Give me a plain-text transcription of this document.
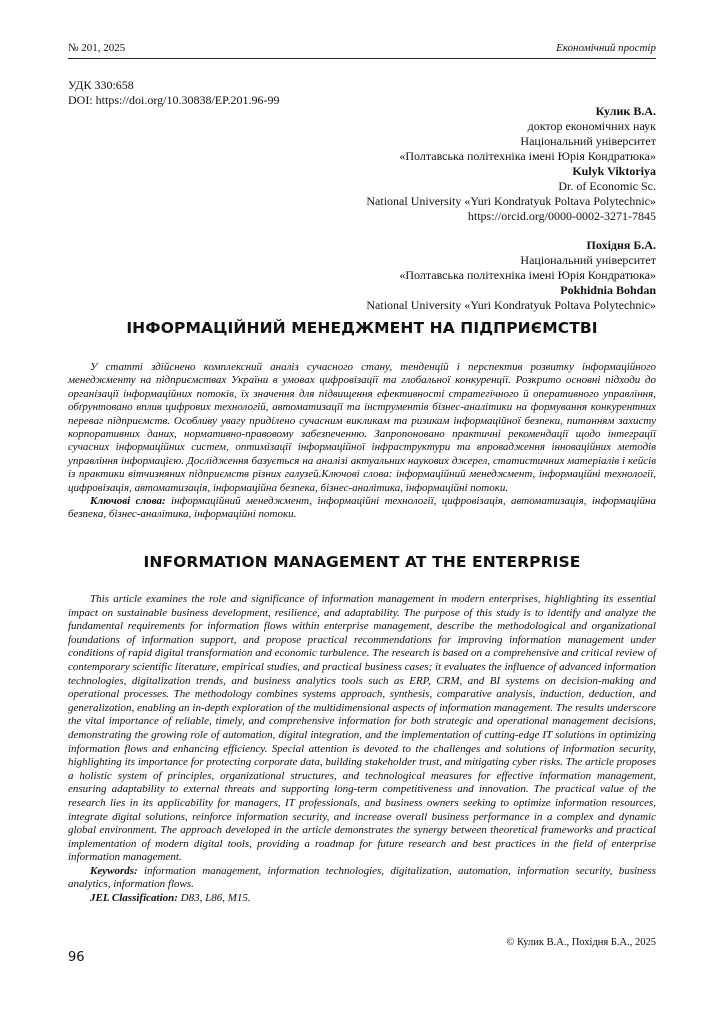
№ 201, 2025	Економічний простір
УДК 330:658
DOI: https://doi.org/10.30838/EP.201.96-99
Кулик В.А.
доктор економічних наук
Національний університет
«Полтавська політехніка імені Юрія Кондратюка»
Kulyk Viktoriya
Dr. of Economic Sc.
National University «Yuri Kondratyuk Poltava Polytechnic»
https://orcid.org/0000-0002-3271-7845
Похідня Б.А.
Національний університет
«Полтавська політехніка імені Юрія Кондратюка»
Pokhidnia Bohdan
National University «Yuri Kondratyuk Poltava Polytechnic»
ІНФОРМАЦІЙНИЙ МЕНЕДЖМЕНТ НА ПІДПРИЄМСТВІ

У статті здійснено комплексний аналіз сучасного стану, тенденцій і перспектив розвитку інформаційного менеджменту на підприємствах України в умовах цифровізації та глобальної конкуренції. Розкрито основні підходи до організації інформаційних потоків, їх значення для підвищення ефективності стратегічного й оперативного управління, обґрунтовано вплив цифрових технологій, автоматизації та інструментів бізнес-аналітики на формування конкурентних переваг підприємств. Особливу увагу приділено сучасним викликам та ризикам інформаційної безпеки, питанням захисту корпоративних даних, нормативно-правовому забезпеченню. Запропоновано практичні рекомендації щодо інтеграції сучасних інформаційних систем, оптимізації інформаційної інфраструктури та впровадження інноваційних методів управління інформацією. Дослідження базується на аналізі актуальних наукових джерел, статистичних матеріалів і кейсів із практики вітчизняних підприємств різних галузей.Ключові слова: інформаційний менеджмент, інформаційні технології, цифровізація, автоматизація, інформаційна безпека, бізнес-аналітика, інформаційні потоки.

Ключові слова: інформаційний менеджмент, інформаційні технології, цифровізація, автоматизація, інформаційна безпека, бізнес-аналітика, інформаційні потоки.

INFORMATION MANAGEMENT AT THE ENTERPRISE

This article examines the role and significance of information management in modern enterprises, highlighting its essential impact on sustainable business development, resilience, and adaptability. The purpose of this study is to identify and analyze the fundamental requirements for information flows within enterprise management, describe the methodological and organizational foundations of information support, and propose practical recommendations for improving information management under conditions of rapid digital transformation and economic turbulence. The research is based on a comprehensive and critical review of contemporary scientific literature, empirical studies, and practical business cases; it evaluates the influence of advanced information technologies, digitalization trends, and business analytics tools such as ERP, CRM, and BI systems on decision-making and operational processes. The methodology combines systems approach, synthesis, comparative analysis, induction, deduction, and generalization, enabling an in-depth exploration of the multidimensional aspects of information management. The results underscore the vital importance of reliable, timely, and comprehensive information for both strategic and operational management decisions, demonstrating the growing role of automation, digital integration, and the implementation of cutting-edge IT solutions in optimizing information flows and enhancing efficiency. Special attention is devoted to the challenges and solutions of information security, highlighting its importance for protecting corporate data, building stakeholder trust, and mitigating cyber risks. The article proposes a holistic system of principles, organizational structures, and technological measures for effective information management, ensuring adaptability to external threats and supporting long-term competitiveness and innovation. The practical value of the research lies in its applicability for managers, IT professionals, and business owners seeking to optimize information resources, integrate digital solutions, reinforce information security, and increase overall business performance in a complex and dynamic global environment. The approach developed in the article demonstrates the synergy between theoretical frameworks and practical implementation of modern digital tools, providing a roadmap for future research and best practices in the field of enterprise information management.

Keywords: information management, information technologies, digitalization, automation, information security, business analytics, information flows.

JEL Classification: D83, L86, M15.

© Кулик В.А., Похідня Б.А., 2025
96
